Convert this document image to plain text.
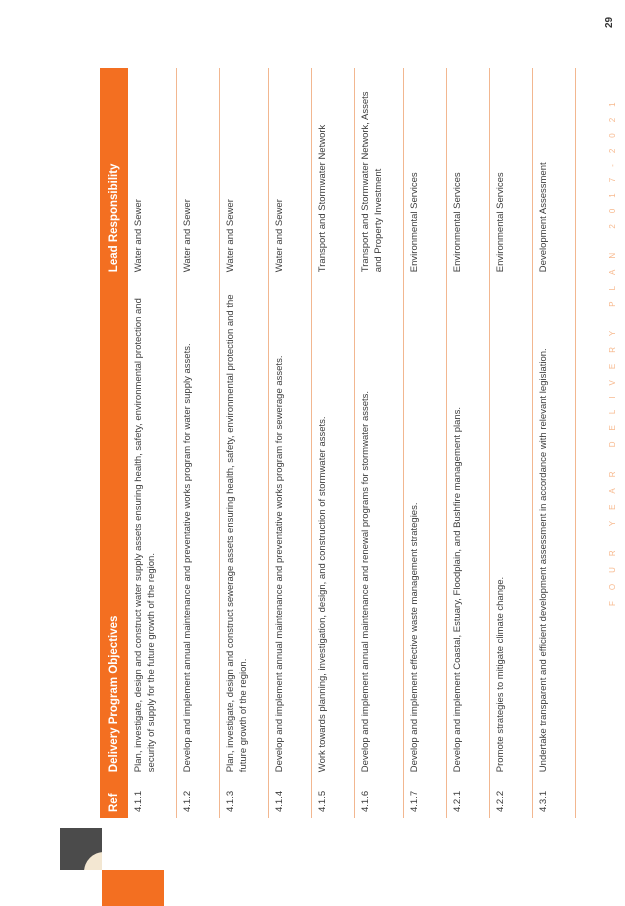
Ref	Delivery Program Objectives	Lead Responsibility
4.1.1	Plan, investigate, design and construct water supply assets ensuring health, safety, environmental protection and security of supply for the future growth of the region.	Water and Sewer
4.1.2	Develop and implement annual maintenance and preventative works program for water supply assets.	Water and Sewer
4.1.3	Plan, investigate, design and construct sewerage assets ensuring health, safety, environmental protection and the future growth of the region.	Water and Sewer
4.1.4	Develop and implement annual maintenance and preventative works program for sewerage assets.	Water and Sewer
4.1.5	Work towards planning, investigation, design, and construction of stormwater assets.	Transport and Stormwater Network
4.1.6	Develop and implement annual maintenance and renewal programs for stormwater assets.	Transport and Stormwater Network, Assets and Property Investment
4.1.7	Develop and implement effective waste management strategies.	Environmental Services
4.2.1	Develop and implement Coastal, Estuary, Floodplain, and Bushfire management plans.	Environmental Services
4.2.2	Promote strategies to mitigate climate change.	Environmental Services
4.3.1	Undertake transparent and efficient development assessment in accordance with relevant legislation.	Development Assessment	FOUR YEAR DELIVERY PLAN 2017-2021
29
